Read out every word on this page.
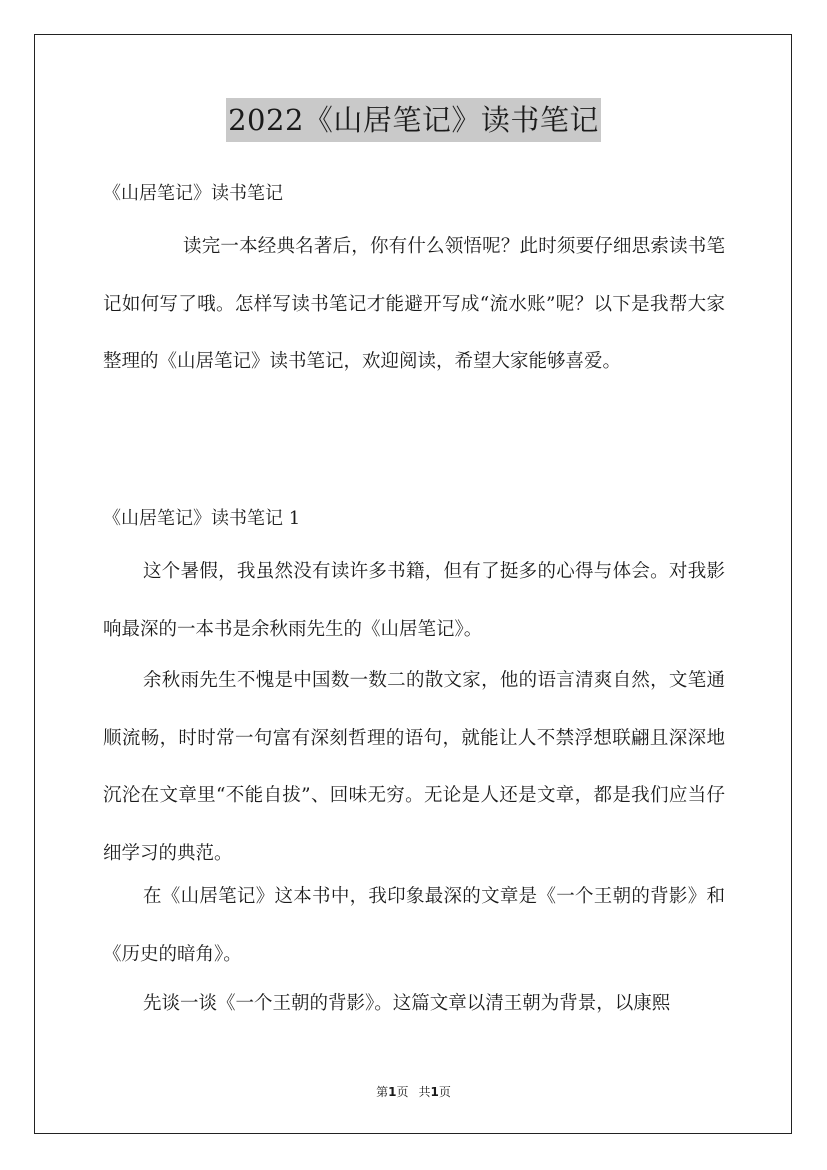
2022《山居笔记》读书笔记
《山居笔记》读书笔记

读完一本经典名著后，你有什么领悟呢？此时须要仔细思索读书笔记如何写了哦。怎样写读书笔记才能避开写成“流水账”呢？以下是我帮大家整理的《山居笔记》读书笔记，欢迎阅读，希望大家能够喜爱。

《山居笔记》读书笔记 1

这个暑假，我虽然没有读许多书籍，但有了挺多的心得与体会。对我影响最深的一本书是余秋雨先生的《山居笔记》。

余秋雨先生不愧是中国数一数二的散文家，他的语言清爽自然，文笔通顺流畅，时时常一句富有深刻哲理的语句，就能让人不禁浮想联翩且深深地沉沦在文章里“不能自拔”、回味无穷。无论是人还是文章，都是我们应当仔细学习的典范。

在《山居笔记》这本书中，我印象最深的文章是《一个王朝的背影》和《历史的暗角》。

先谈一谈《一个王朝的背影》。这篇文章以清王朝为背景，以康熙

第1页 共1页
